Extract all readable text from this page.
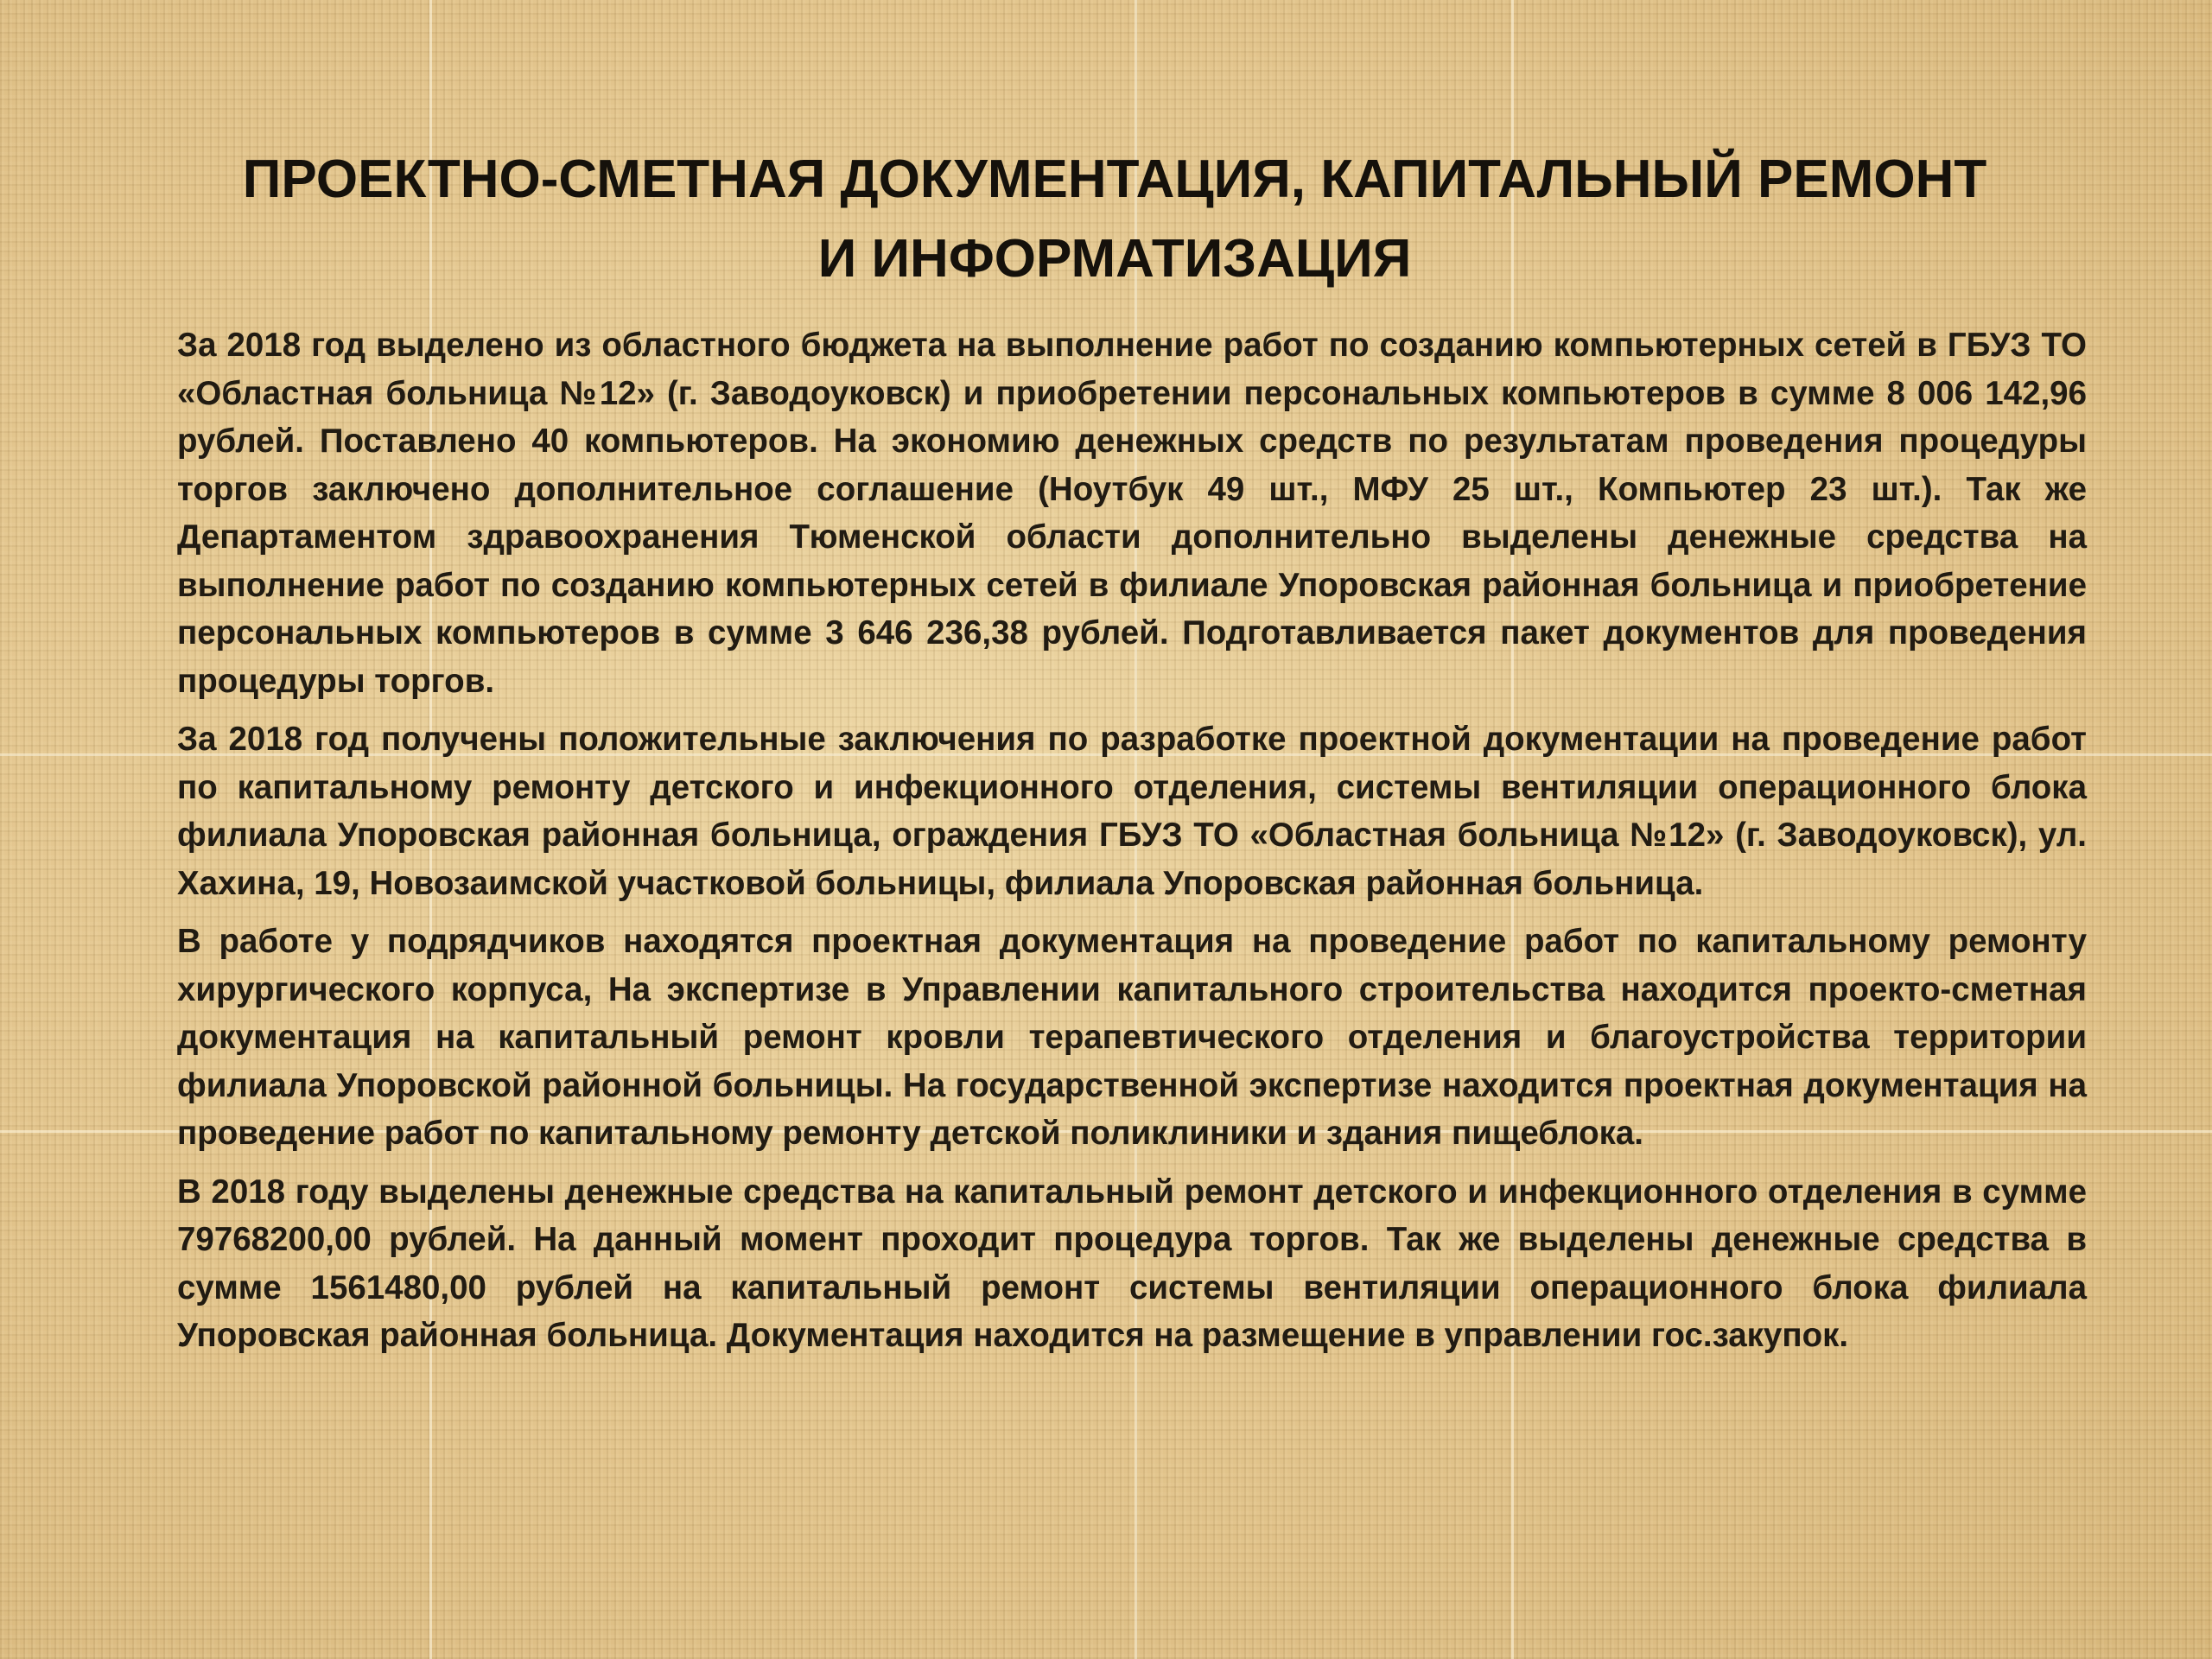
ПРОЕКТНО-СМЕТНАЯ ДОКУМЕНТАЦИЯ, КАПИТАЛЬНЫЙ РЕМОНТ
И ИНФОРМАТИЗАЦИЯ

За 2018 год выделено из областного бюджета на выполнение работ по созданию компьютерных сетей в ГБУЗ ТО «Областная больница №12» (г. Заводоуковск) и приобретении персональных компьютеров в сумме 8 006 142,96 рублей. Поставлено 40 компьютеров. На экономию денежных средств по результатам проведения процедуры торгов заключено дополнительное соглашение (Ноутбук 49 шт., МФУ 25 шт., Компьютер 23 шт.). Так же Департаментом здравоохранения Тюменской области дополнительно выделены денежные средства на выполнение работ по созданию компьютерных сетей в филиале Упоровская районная больница и приобретение персональных компьютеров в сумме 3 646 236,38 рублей. Подготавливается пакет документов для проведения процедуры торгов.

За 2018 год получены положительные заключения по разработке проектной документации на проведение работ по капитальному ремонту детского и инфекционного отделения, системы вентиляции операционного блока филиала Упоровская районная больница, ограждения ГБУЗ ТО «Областная больница №12» (г. Заводоуковск), ул. Хахина, 19, Новозаимской участковой больницы, филиала Упоровская районная больница.

В работе у подрядчиков находятся проектная документация на проведение работ по капитальному ремонту хирургического корпуса, На экспертизе в Управлении капитального строительства находится проекто-сметная документация на капитальный ремонт кровли терапевтического отделения и благоустройства территории филиала Упоровской районной больницы. На государственной экспертизе находится проектная документация на проведение работ по капитальному ремонту детской поликлиники и здания пищеблока.

В 2018 году выделены денежные средства на капитальный ремонт детского и инфекционного отделения в сумме 79768200,00 рублей. На данный момент проходит процедура торгов. Так же выделены денежные средства в сумме 1561480,00 рублей на капитальный ремонт системы вентиляции операционного блока филиала Упоровская районная больница. Документация находится на размещение в управлении гос.закупок.
